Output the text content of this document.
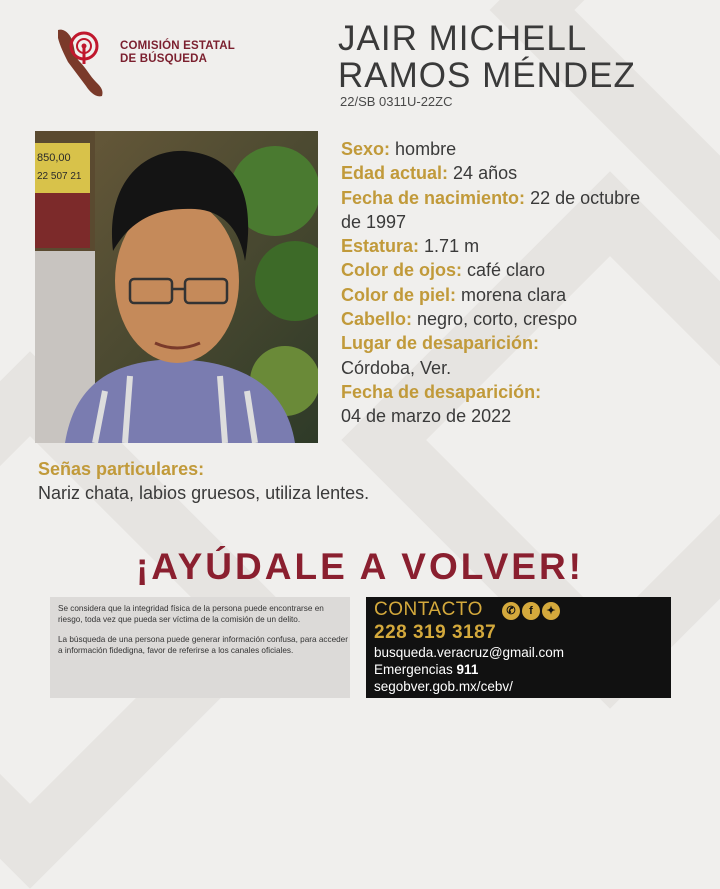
COMISIÓN ESTATAL
DE BÚSQUEDA
JAIR MICHELL
RAMOS MÉNDEZ
22/SB 0311U-22ZC
850,00
22 507 21
Sexo: hombre
Edad actual: 24 años
Fecha de nacimiento: 22 de octubre de 1997
Estatura: 1.71 m
Color de ojos: café claro
Color de piel: morena clara
Cabello: negro, corto, crespo
Lugar de desaparición:
Córdoba, Ver.
Fecha de desaparición:
04 de marzo de 2022
Señas particulares:
Nariz chata, labios gruesos, utiliza lentes.
¡AYÚDALE A VOLVER!
Se considera que la integridad física de la persona puede encontrarse en riesgo, toda vez que pueda ser víctima de la comisión de un delito.
La búsqueda de una persona puede generar información confusa, para acceder a información fidedigna, favor de referirse a los canales oficiales.
CONTACTO	✆ f ✦
228 319 3187
busqueda.veracruz@gmail.com
Emergencias 911
segobver.gob.mx/cebv/
